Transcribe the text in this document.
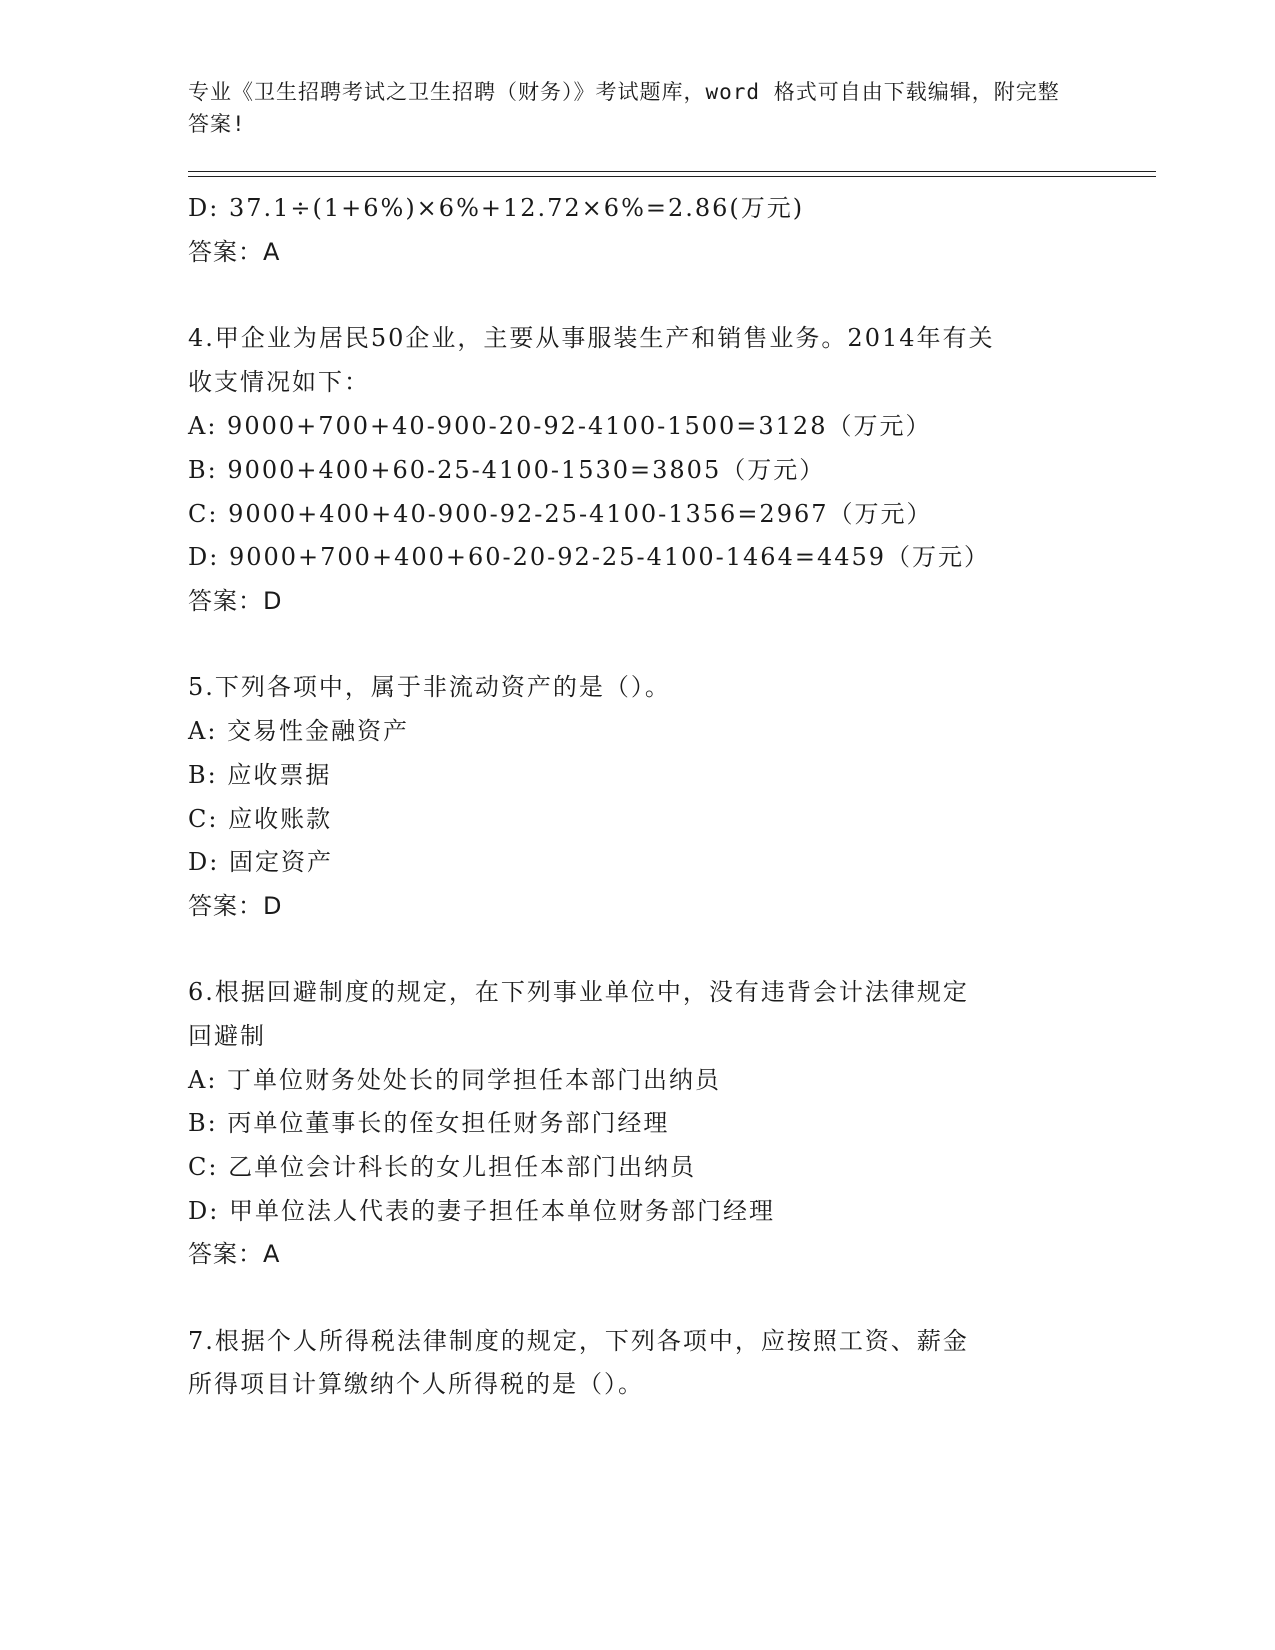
专业《卫生招聘考试之卫生招聘（财务）》考试题库，word 格式可自由下载编辑，附完整答案!
D: 37.1÷(1+6%)×6%+12.72×6%=2.86(万元)
答案：A
4.甲企业为居民50企业，主要从事服装生产和销售业务。2014年有关
收支情况如下：
A: 9000+700+40-900-20-92-4100-1500=3128（万元）
B: 9000+400+60-25-4100-1530=3805（万元）
C: 9000+400+40-900-92-25-4100-1356=2967（万元）
D: 9000+700+400+60-20-92-25-4100-1464=4459（万元）
答案：D
5.下列各项中，属于非流动资产的是（）。
A: 交易性金融资产
B: 应收票据
C: 应收账款
D: 固定资产
答案：D
6.根据回避制度的规定，在下列事业单位中，没有违背会计法律规定
回避制
A: 丁单位财务处处长的同学担任本部门出纳员
B: 丙单位董事长的侄女担任财务部门经理
C: 乙单位会计科长的女儿担任本部门出纳员
D: 甲单位法人代表的妻子担任本单位财务部门经理
答案：A
7.根据个人所得税法律制度的规定，下列各项中，应按照工资、薪金
所得项目计算缴纳个人所得税的是（）。
